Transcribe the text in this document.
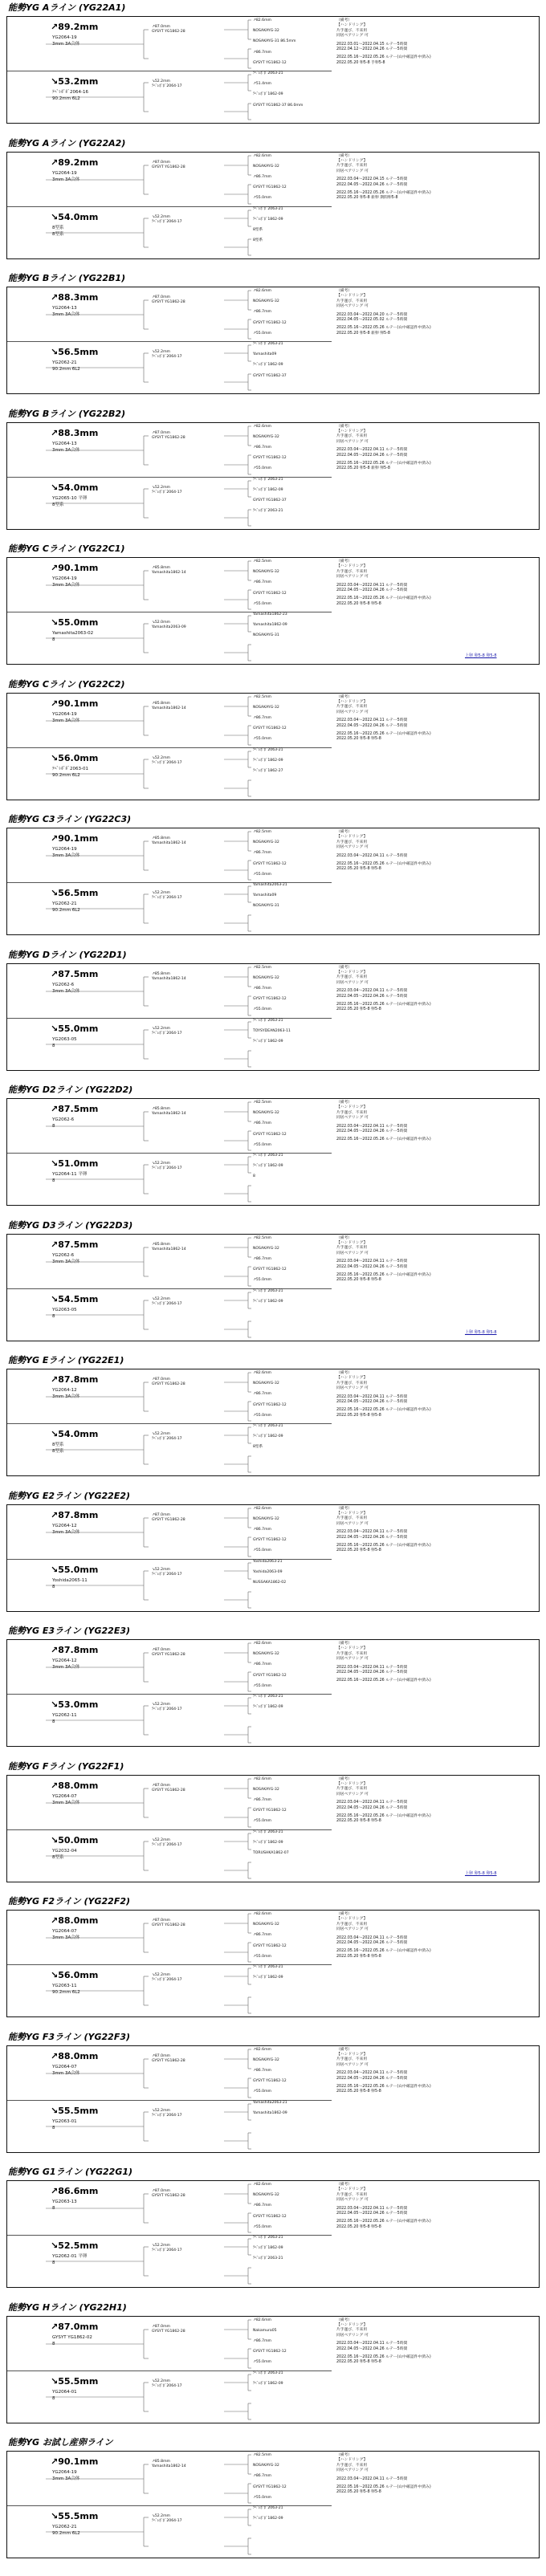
能勢YG Aライン (YG22A1)
↗89.2mm
YG2064-19
3mm 3A合体
↘53.2mm
ﾃﾍﾟﾚﾎﾟﾎﾞ2064-16
90.2mm 6L2
↗87.0mm
GYSYT YG1862-28
↘52.2mm
ﾃﾍﾟﾚﾎﾟﾎﾞ2064-17
↗82.6mm
NOSAKAYG-32
NOSAKAYG-31 86.5mm
↗86.7mm
GYSYT YG1862-12
ﾃﾍﾟﾚﾎﾟﾎﾞ2063-21
↗51.4mm
ﾃﾍﾟﾚﾎﾟﾎﾞ1862-09
GYSYT YG1862-37 86.0mm
（備考）
【ハンドリング】
片手運び、不来用
同居ペアリング 可
2022.03.01〜2022.04.15 ルテー5時間
2022.04.12〜2022.04.26 ルテー5時間
2022.05.16〜2022.05.26 ルテー(山中確認件中済み)
2022.05.20 卵5-8 手卵5-8
能勢YG Aライン (YG22A2)
↗89.2mm
YG2064-19
3mm 3A合体
↘54.0mm
8型系
8型系
↗87.0mm
GYSYT YG1862-28
↘52.2mm
ﾃﾍﾟﾚﾎﾟﾎﾞ2064-17
↗82.6mm
NOSAKAYG-32
↗86.7mm
GYSYT YG1862-12
↗55.0mm
ﾃﾍﾟﾚﾎﾟﾎﾞ2063-21
ﾃﾍﾟﾚﾎﾟﾎﾞ1862-09
8型系
8型系
（備考）
【ハンドリング】
片手運び、不来用
同居ペアリング 可
2022.03.04〜2022.04.15 ルテー5時間
2022.04.05〜2022.04.26 ルテー5時間
2022.05.16〜2022.05.26 ルテー(山中確認件中済み)
2022.05.20 卵5-8 新卵 期間卵5-8
能勢YG Bライン (YG22B1)
↗88.3mm
YG2064-13
3mm 3A合体
↘56.5mm
YG2062-21
90.2mm 6L2
↗87.0mm
GYSYT YG1862-28
↘52.2mm
ﾃﾍﾟﾚﾎﾟﾎﾞ2064-17
↗82.6mm
NOSAKAYG-32
↗86.7mm
GYSYT YG1862-12
↗55.0mm
ﾃﾍﾟﾚﾎﾟﾎﾞ2063-21
Yamashita09
ﾃﾍﾟﾚﾎﾟﾎﾞ1862-09
GYSYT YG1862-37
（備考）
【ハンドリング】
片手運び、不来用
同居ペアリング 可
2022.03.04〜2022.04.20 ルテー5時間
2022.04.05〜2022.05.02 ルテー5時間
2022.05.16〜2022.05.26 ルテー(山中確認件中済み)
2022.05.20 卵5-8 新卵 卵5-8
能勢YG Bライン (YG22B2)
↗88.3mm
YG2064-13
3mm 3A合体
↘54.0mm
YG2065-10 平卵
8型系
↗87.0mm
GYSYT YG1862-28
↘52.2mm
ﾃﾍﾟﾚﾎﾟﾎﾞ2064-17
↗82.6mm
NOSAKAYG-32
↗86.7mm
GYSYT YG1862-12
↗55.0mm
ﾃﾍﾟﾚﾎﾟﾎﾞ2063-21
ﾃﾍﾟﾚﾎﾟﾎﾞ1862-09
GYSYT YG1862-37
ﾃﾍﾟﾚﾎﾟﾎﾞ2063-21
（備考）
【ハンドリング】
片手運び、不来用
同居ペアリング 可
2022.03.04〜2022.04.11 ルテー5時間
2022.04.05〜2022.04.26 ルテー5時間
2022.05.16〜2022.05.26 ルテー(山中確認件中済み)
2022.05.20 卵5-8 新卵 卵5-8
能勢YG Cライン (YG22C1)
↗90.1mm
YG2064-19
3mm 3A合体
↘55.0mm
Yamashita2063-02
8
↗85.8mm
Yamashita1862-14
↘52.0mm
Yamashita2063-09
↗82.5mm
NOSAKAYG-32
↗86.7mm
GYSYT YG1862-12
↗55.0mm
Yamashita1862-23
Yamashita1862-09
NOSAKAYG-31
（備考）
【ハンドリング】
片手運び、不来用
同居ペアリング 可
2022.03.04〜2022.04.11 ルテー5時間
2022.04.05〜2022.04.26 ルテー5時間
2022.05.16〜2022.05.26 ルテー(山中確認件中済み)
2022.05.20 卵5-8 卵5-8
上卵 卵5-8 卵5-8
能勢YG Cライン (YG22C2)
↗90.1mm
YG2064-19
3mm 3A合体
↘56.0mm
ﾃﾍﾟﾚﾎﾟﾎﾞ2063-01
90.2mm 6L2
↗85.8mm
Yamashita1862-14
↘52.2mm
ﾃﾍﾟﾚﾎﾟﾎﾞ2064-17
↗82.5mm
NOSAKAYG-32
↗86.7mm
GYSYT YG1862-12
↗55.0mm
ﾃﾍﾟﾚﾎﾟﾎﾞ2063-21
ﾃﾍﾟﾚﾎﾟﾎﾞ1862-09
ﾃﾍﾟﾚﾎﾟﾎﾞ1862-27
（備考）
【ハンドリング】
片手運び、不来用
同居ペアリング 可
2022.03.04〜2022.04.11 ルテー5時間
2022.04.05〜2022.04.26 ルテー5時間
2022.05.16〜2022.05.26 ルテー(山中確認件中済み)
2022.05.20 卵5-8 卵5-8
能勢YG C3ライン (YG22C3)
↗90.1mm
YG2064-19
3mm 3A合体
↘56.5mm
YG2062-21
90.2mm 6L2
↗85.8mm
Yamashita1862-14
↘52.2mm
ﾃﾍﾟﾚﾎﾟﾎﾞ2064-17
↗82.5mm
NOSAKAYG-32
↗86.7mm
GYSYT YG1862-12
↗55.0mm
Yamashita2063-21
Yamashita09
NOSAKAYG-31
（備考）
【ハンドリング】
片手運び、不来用
同居ペアリング 可
2022.03.04〜2022.04.11 ルテー5時間
2022.05.16〜2022.05.26 ルテー(山中確認件中済み)
2022.05.20 卵5-8 卵5-8
能勢YG Dライン (YG22D1)
↗87.5mm
YG2062-6
3mm 3A合体
↘55.0mm
YG2063-05
8
↗85.8mm
Yamashita1862-14
↘52.2mm
ﾃﾍﾟﾚﾎﾟﾎﾞ2064-17
↗82.5mm
NOSAKAYG-32
↗86.7mm
GYSYT YG1862-12
↗55.0mm
ﾃﾍﾟﾚﾎﾟﾎﾞ2063-21
TOYSYDEAN2063-11
ﾃﾍﾟﾚﾎﾟﾎﾞ1862-09
（備考）
【ハンドリング】
片手運び、不来用
同居ペアリング 可
2022.03.04〜2022.04.11 ルテー5時間
2022.04.05〜2022.04.26 ルテー5時間
2022.05.16〜2022.05.26 ルテー(山中確認件中済み)
2022.05.20 卵5-8 卵5-8
能勢YG D2ライン (YG22D2)
↗87.5mm
YG2062-6
8
↘51.0mm
YG2064-11 平卵
8
↗85.8mm
Yamashita1862-14
↘52.2mm
ﾃﾍﾟﾚﾎﾟﾎﾞ2064-17
↗82.5mm
NOSAKAYG-32
↗86.7mm
GYSYT YG1862-12
↗55.0mm
ﾃﾍﾟﾚﾎﾟﾎﾞ2063-21
ﾃﾍﾟﾚﾎﾟﾎﾞ1862-09
8
（備考）
【ハンドリング】
片手運び、不来用
同居ペアリング 可
2022.03.04〜2022.04.11 ルテー5時間
2022.04.05〜2022.04.26 ルテー5時間
2022.05.16〜2022.05.26 ルテー(山中確認件中済み)
能勢YG D3ライン (YG22D3)
↗87.5mm
YG2062-6
3mm 3A合体
↘54.5mm
YG2063-05
8
↗85.8mm
Yamashita1862-14
↘52.2mm
ﾃﾍﾟﾚﾎﾟﾎﾞ2064-17
↗82.5mm
NOSAKAYG-32
↗86.7mm
GYSYT YG1862-12
↗55.0mm
ﾃﾍﾟﾚﾎﾟﾎﾞ2063-21
ﾃﾍﾟﾚﾎﾟﾎﾞ1862-09
（備考）
【ハンドリング】
片手運び、不来用
同居ペアリング 可
2022.03.04〜2022.04.11 ルテー5時間
2022.04.05〜2022.04.26 ルテー5時間
2022.05.16〜2022.05.26 ルテー(山中確認件中済み)
2022.05.20 卵5-8 卵5-8
上卵 卵5-8 卵5-8
能勢YG Eライン (YG22E1)
↗87.8mm
YG2064-12
3mm 3A合体
↘54.0mm
8型系
8型系
↗87.0mm
GYSYT YG1862-28
↘52.2mm
ﾃﾍﾟﾚﾎﾟﾎﾞ2064-17
↗82.6mm
NOSAKAYG-32
↗86.7mm
GYSYT YG1862-12
↗55.0mm
ﾃﾍﾟﾚﾎﾟﾎﾞ2063-21
ﾃﾍﾟﾚﾎﾟﾎﾞ1862-09
8型系
（備考）
【ハンドリング】
片手運び、不来用
同居ペアリング 可
2022.03.04〜2022.04.11 ルテー5時間
2022.04.05〜2022.04.26 ルテー5時間
2022.05.16〜2022.05.26 ルテー(山中確認件中済み)
2022.05.20 卵5-8 卵5-8
能勢YG E2ライン (YG22E2)
↗87.8mm
YG2064-12
3mm 3A合体
↘55.0mm
Yoshida2065-11
8
↗87.0mm
GYSYT YG1862-28
↘52.2mm
ﾃﾍﾟﾚﾎﾟﾎﾞ2064-17
↗82.6mm
NOSAKAYG-32
↗86.7mm
GYSYT YG1862-12
↗55.0mm
Yoshida2063-21
Yoshida2063-09
NUSSAKA1862-02
（備考）
【ハンドリング】
片手運び、不来用
同居ペアリング 可
2022.03.04〜2022.04.11 ルテー5時間
2022.04.05〜2022.04.26 ルテー5時間
2022.05.16〜2022.05.26 ルテー(山中確認件中済み)
2022.05.20 卵5-8 卵5-8
能勢YG E3ライン (YG22E3)
↗87.8mm
YG2064-12
3mm 3A合体
↘53.0mm
YG2062-11
8
↗87.0mm
GYSYT YG1862-28
↘52.2mm
ﾃﾍﾟﾚﾎﾟﾎﾞ2064-17
↗82.6mm
NOSAKAYG-32
↗86.7mm
GYSYT YG1862-12
↗55.0mm
ﾃﾍﾟﾚﾎﾟﾎﾞ2063-21
ﾃﾍﾟﾚﾎﾟﾎﾞ1862-09
（備考）
【ハンドリング】
片手運び、不来用
同居ペアリング 可
2022.03.04〜2022.04.11 ルテー5時間
2022.04.05〜2022.04.26 ルテー5時間
2022.05.16〜2022.05.26 ルテー(山中確認件中済み)
能勢YG Fライン (YG22F1)
↗88.0mm
YG2064-07
3mm 3A合体
↘50.0mm
YG2032-04
8型系
↗87.0mm
GYSYT YG1862-28
↘52.2mm
ﾃﾍﾟﾚﾎﾟﾎﾞ2064-17
↗82.6mm
NOSAKAYG-32
↗86.7mm
GYSYT YG1862-12
↗55.0mm
ﾃﾍﾟﾚﾎﾟﾎﾞ2063-21
ﾃﾍﾟﾚﾎﾟﾎﾞ1862-09
TORUSHKA1862-07
（備考）
【ハンドリング】
片手運び、不来用
同居ペアリング 可
2022.03.04〜2022.04.11 ルテー5時間
2022.04.05〜2022.04.26 ルテー5時間
2022.05.16〜2022.05.26 ルテー(山中確認件中済み)
2022.05.20 卵5-8 卵5-8
上卵 卵5-8 卵5-8
能勢YG F2ライン (YG22F2)
↗88.0mm
YG2064-07
3mm 3A合体
↘56.0mm
YG2063-11
90.2mm 6L2
↗87.0mm
GYSYT YG1862-28
↘52.2mm
ﾃﾍﾟﾚﾎﾟﾎﾞ2064-17
↗82.6mm
NOSAKAYG-32
↗86.7mm
GYSYT YG1862-12
↗55.0mm
ﾃﾍﾟﾚﾎﾟﾎﾞ2063-21
ﾃﾍﾟﾚﾎﾟﾎﾞ1862-09
（備考）
【ハンドリング】
片手運び、不来用
同居ペアリング 可
2022.03.04〜2022.04.11 ルテー5時間
2022.04.05〜2022.04.26 ルテー5時間
2022.05.16〜2022.05.26 ルテー(山中確認件中済み)
2022.05.20 卵5-8 卵5-8
能勢YG F3ライン (YG22F3)
↗88.0mm
YG2064-07
3mm 3A合体
↘55.5mm
YG2063-01
8
↗87.0mm
GYSYT YG1862-28
↘52.2mm
ﾃﾍﾟﾚﾎﾟﾎﾞ2064-17
↗82.6mm
NOSAKAYG-32
↗86.7mm
GYSYT YG1862-12
↗55.0mm
Yamashita2063-21
Yamashita1862-09
（備考）
【ハンドリング】
片手運び、不来用
同居ペアリング 可
2022.03.04〜2022.04.11 ルテー5時間
2022.04.05〜2022.04.26 ルテー5時間
2022.05.16〜2022.05.26 ルテー(山中確認件中済み)
2022.05.20 卵5-8 卵5-8
能勢YG G1ライン (YG22G1)
↗86.6mm
YG2063-13
8
↘52.5mm
YG2062-01 平卵
8
↗87.0mm
GYSYT YG1862-28
↘52.2mm
ﾃﾍﾟﾚﾎﾟﾎﾞ2064-17
↗82.6mm
NOSAKAYG-32
↗86.7mm
GYSYT YG1862-12
↗55.0mm
ﾃﾍﾟﾚﾎﾟﾎﾞ2063-21
ﾃﾍﾟﾚﾎﾟﾎﾞ1862-09
ﾃﾍﾟﾚﾎﾟﾎﾞ2063-21
（備考）
【ハンドリング】
片手運び、不来用
同居ペアリング 可
2022.03.04〜2022.04.11 ルテー5時間
2022.04.05〜2022.04.26 ルテー5時間
2022.05.16〜2022.05.26 ルテー(山中確認件中済み)
2022.05.20 卵5-8 卵5-8
能勢YG Hライン (YG22H1)
↗87.0mm
GYSYT YG1862-02
8
↘55.5mm
YG2064-01
8
↗87.0mm
GYSYT YG1862-28
↘52.2mm
ﾃﾍﾟﾚﾎﾟﾎﾞ2064-17
↗82.6mm
Nakamura05
↗86.7mm
GYSYT YG1862-12
↗55.0mm
ﾃﾍﾟﾚﾎﾟﾎﾞ2063-21
ﾃﾍﾟﾚﾎﾟﾎﾞ1862-09
（備考）
【ハンドリング】
片手運び、不来用
同居ペアリング 可
2022.03.04〜2022.04.11 ルテー5時間
2022.04.05〜2022.04.26 ルテー5時間
2022.05.16〜2022.05.26 ルテー(山中確認件中済み)
2022.05.20 卵5-8 卵5-8
能勢YG お試し産卵ライン
↗90.1mm
YG2064-19
3mm 3A合体
↘55.5mm
YG2062-21
90.2mm 6L2
↗85.8mm
Yamashita1862-14
↘52.2mm
ﾃﾍﾟﾚﾎﾟﾎﾞ2064-17
↗82.5mm
NOSAKAYG-32
↗86.7mm
GYSYT YG1862-12
↗55.0mm
ﾃﾍﾟﾚﾎﾟﾎﾞ2063-21
ﾃﾍﾟﾚﾎﾟﾎﾞ1862-09
（備考）
【ハンドリング】
片手運び、不来用
同居ペアリング 可
2022.03.04〜2022.04.11 ルテー5時間
2022.05.16〜2022.05.26 ルテー(山中確認件中済み)
2022.05.20 卵5-8 卵5-8
